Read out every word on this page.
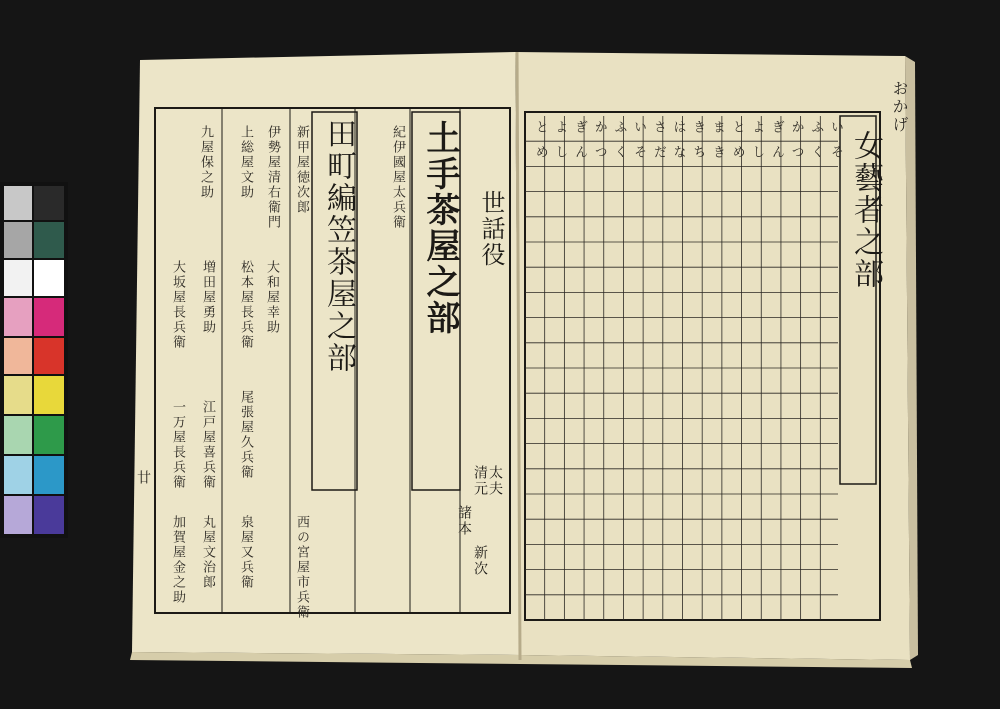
土手茶屋之部
田町編笠茶屋之部	世話役
清元 太夫
諸本
新次
新甲屋徳次郎
伊勢屋清右衛門
上総屋文助
九屋保之助	紀伊國屋太兵衛
大和屋幸助
松本屋長兵衛
増田屋勇助
大坂屋長兵衛
一万屋長兵衛 江戸屋喜兵衛 尾張屋久兵衛
丸屋文治郎
加賀屋金之助	泉屋又兵衛	西の宮屋市兵衛
廿
女藝者之部
おかげ
いそ
ふく
かつ
ぎん
よし
とめ
まき
きち
はな
さだ
いそ
ふく
かつ
ぎん
よし
とめ
